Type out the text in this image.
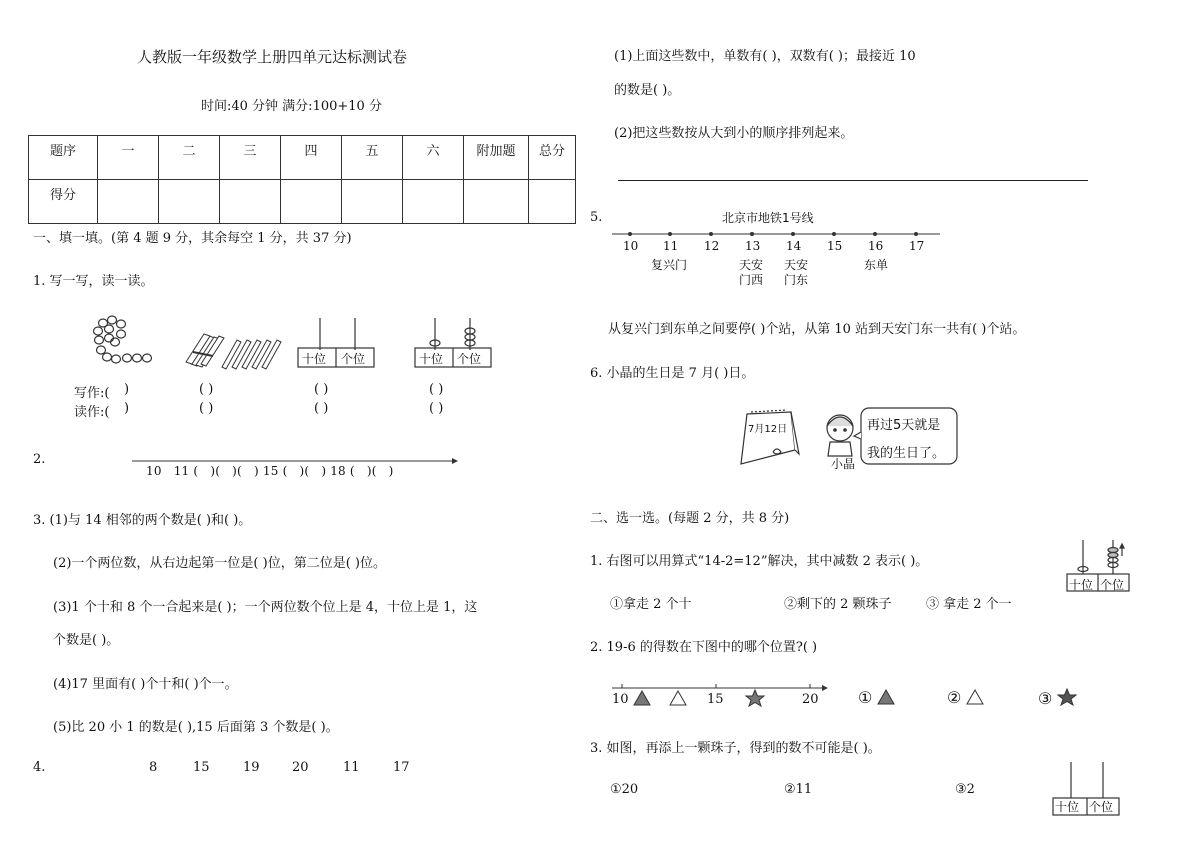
人教版一年级数学上册四单元达标测试卷
时间:40 分钟 满分:100+10 分
题序	一	二	三	四	五	六	附加题	总分
得分								
一、填一填。(第 4 题 9 分，其余每空 1 分，共 37 分)
1. 写一写，读一读。
十位 个位	十位 个位
写作:( )	( )	( )	( )
读作:( )	( )	( )	( )
2.
10 11 ( )( )( ) 15 ( )( ) 18 ( )( )
3. (1)与 14 相邻的两个数是( )和( )。
(2)一个两位数，从右边起第一位是( )位，第二位是( )位。
(3)1 个十和 8 个一合起来是( )；一个两位数个位上是 4，十位上是 1，这
个数是( )。
(4)17 里面有( )个十和( )个一。
(5)比 20 小 1 的数是( ),15 后面第 3 个数是( )。
4.	8	15	19 20	11	17
(1)上面这些数中，单数有( )，双数有( )；最接近 10
的数是( )。
(2)把这些数按从大到小的顺序排列起来。
5.	北京市地铁1号线
10 11 12 13 14 15 16 17
复兴门	天安
门西
天安
门东
东单
从复兴门到东单之间要停( )个站，从第 10 站到天安门东一共有( )个站。
6. 小晶的生日是 7 月( )日。
7月12日	再过5天就是
我的生日了。
小晶
二、选一选。(每题 2 分，共 8 分)
1. 右图可以用算式“14-2=12”解决，其中减数 2 表示( )。
十位 个位
①拿走 2 个十	②剩下的 2 颗珠子	③ 拿走 2 个一
2. 19-6 的得数在下图中的哪个位置?( )
10	15	20 ①	②	③
3. 如图，再添上一颗珠子，得到的数不可能是( )。
①20	②11	③2
十位 个位
